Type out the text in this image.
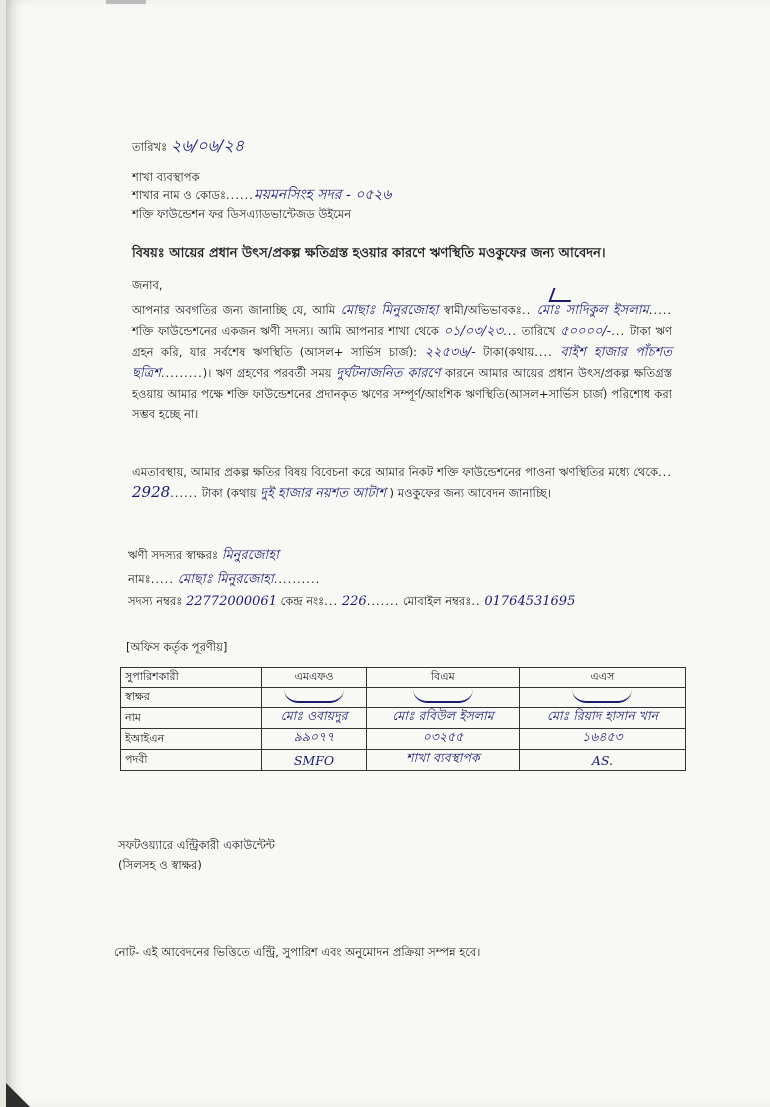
তারিখঃ ২৬/০৬/২৪
শাখা ব্যবস্থাপক
শাখার নাম ও কোডঃ......ময়মনসিংহ সদর - ০৫২৬
শক্তি ফাউন্ডেশন ফর ডিসএ্যাডভান্টেজড উইমেন
বিষয়ঃ আয়ের প্রধান উৎস/প্রকল্প ক্ষতিগ্রস্ত হওয়ার কারণে ঋণস্থিতি মওকুফের জন্য আবেদন।
জনাব,
আপনার অবগতির জন্য জানাচ্ছি যে, আমি মোছাঃ মিনুরজোহা স্বামী/অভিভাবকঃ.. মোঃ সাদিকুল ইসলাম..... শক্তি ফাউন্ডেশনের একজন ঋণী সদস্য। আমি আপনার শাখা থেকে ০১/০৩/২৩... তারিখে ৫০০০০/-... টাকা ঋণ গ্রহন করি, যার সর্বশেষ ঋণস্থিতি (আসল+ সার্ভিস চার্জ): ২২৫৩৬/- টাকা(কথায়.... বাইশ হাজার পাঁচশত ছত্রিশ.........)। ঋণ গ্রহণের পরবর্তী সময় দুর্ঘটনাজনিত কারণে কারনে আমার আয়ের প্রধান উৎস/প্রকল্প ক্ষতিগ্রস্ত হওয়ায় আমার পক্ষে শক্তি ফাউন্ডেশনের প্রদানকৃত ঋণের সম্পূর্ণ/আংশিক ঋণস্থিতি(আসল+সার্ভিস চার্জ) পরিশোধ করা সম্ভব হচ্ছে না।
এমতাবস্থায়, আমার প্রকল্প ক্ষতির বিষয় বিবেচনা করে আমার নিকট শক্তি ফাউন্ডেশনের পাওনা ঋণস্থিতির মধ্যে থেকে... 2928...... টাকা (কথায় দুই হাজার নয়শত আটাশ ) মওকুফের জন্য আবেদন জানাচ্ছি।
ঋণী সদস্যর স্বাক্ষরঃ মিনুরজোহা
নামঃ..... মোছাঃ মিনুরজোহা..........
সদস্য নম্বরঃ 22772000061 কেন্দ্র নংঃ... 226....... মোবাইল নম্বরঃ.. 01764531695
[অফিস কর্তৃক পূরণীয়]
সুপারিশকারী	এমএফও	বিএম	এএস
স্বাক্ষর			
নাম	মোঃ ওবায়দুর	মোঃ রবিউল ইসলাম	মোঃ রিয়াদ হাসান খান
ইআইএন	৯৯০৭৭	০৩২৫৫	১৬৪৫৩
পদবী	SMFO	শাখা ব্যবস্থাপক	AS.
সফটওয়্যারে এন্ট্রিকারী একাউন্টেন্ট
(সিলসহ ও স্বাক্ষর)
নোট- এই আবেদনের ভিত্তিতে এন্ট্রি, সুপারিশ এবং অনুমোদন প্রক্রিয়া সম্পন্ন হবে।
